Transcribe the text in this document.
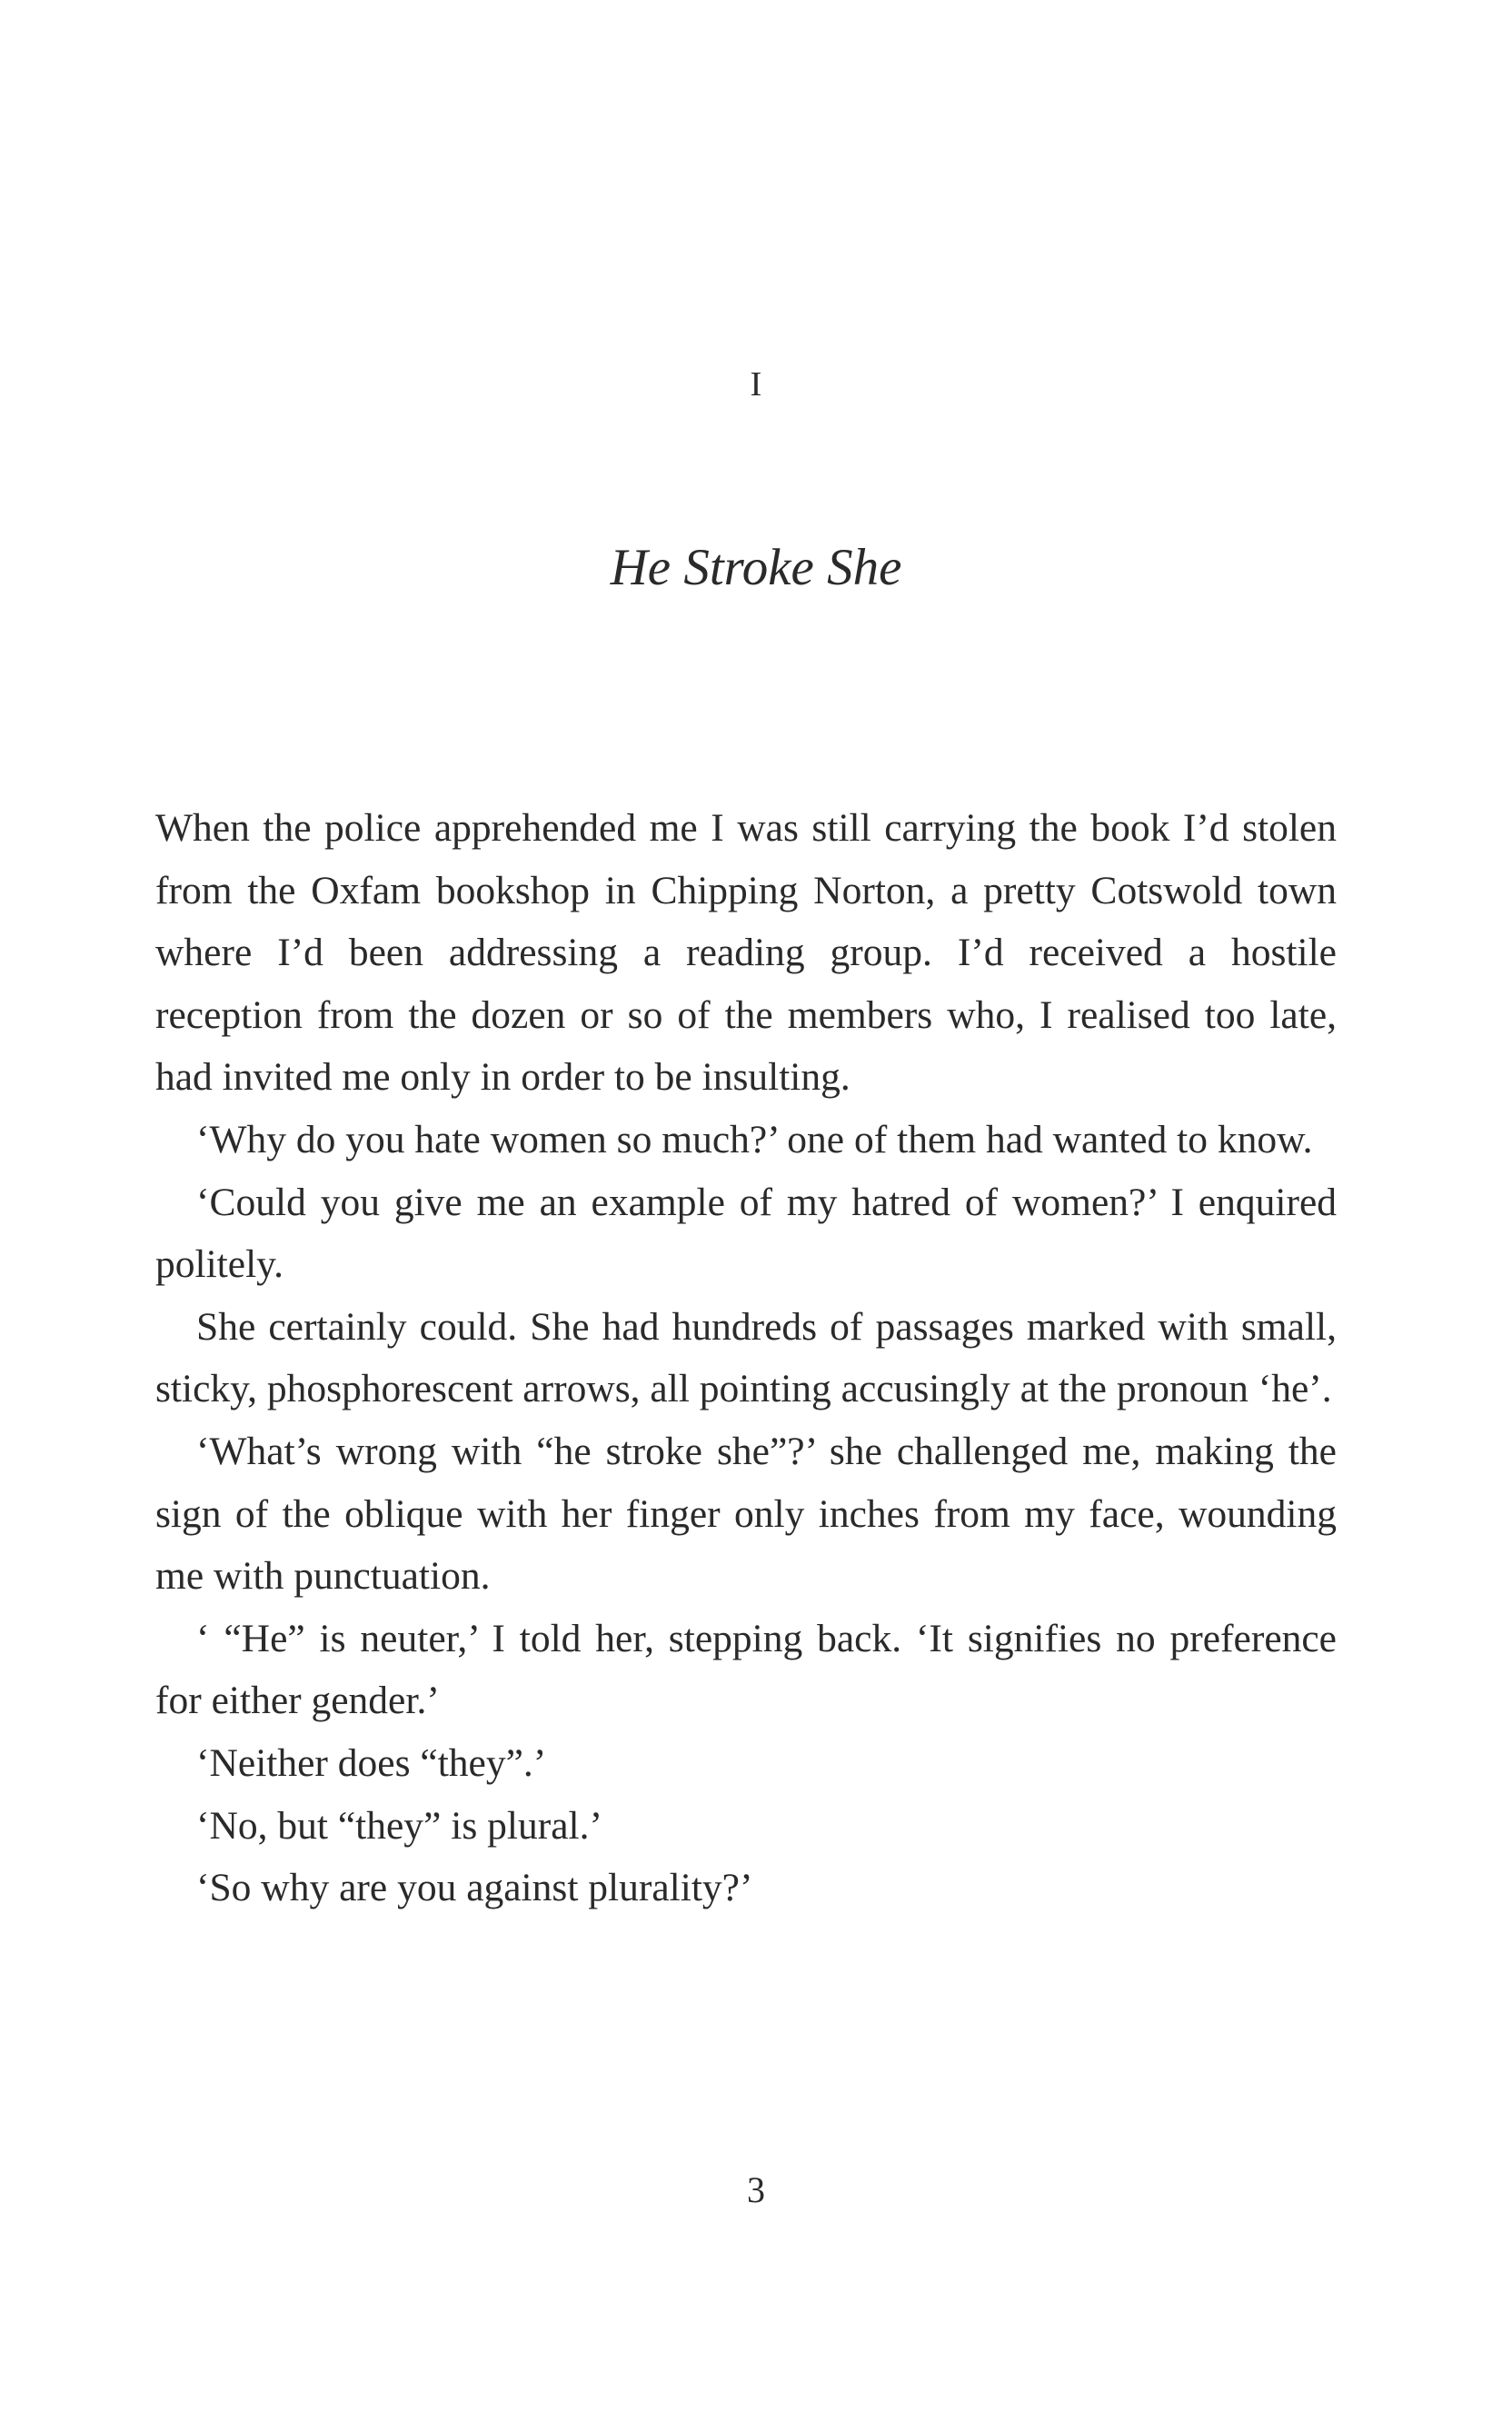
I
He Stroke She

When the police apprehended me I was still carrying the book I’d stolen from the Oxfam bookshop in Chipping Norton, a pretty Cotswold town where I’d been addressing a reading group. I’d received a hostile reception from the dozen or so of the members who, I realised too late, had invited me only in order to be insulting.

‘Why do you hate women so much?’ one of them had wanted to know.

‘Could you give me an example of my hatred of women?’ I enquired politely.

She certainly could. She had hundreds of passages marked with small, sticky, phosphorescent arrows, all pointing accusingly at the pronoun ‘he’.

‘What’s wrong with “he stroke she”?’ she challenged me, making the sign of the oblique with her finger only inches from my face, wounding me with punctuation.

‘ “He” is neuter,’ I told her, stepping back. ‘It signifies no preference for either gender.’

‘Neither does “they”.’

‘No, but “they” is plural.’

‘So why are you against plurality?’

3
